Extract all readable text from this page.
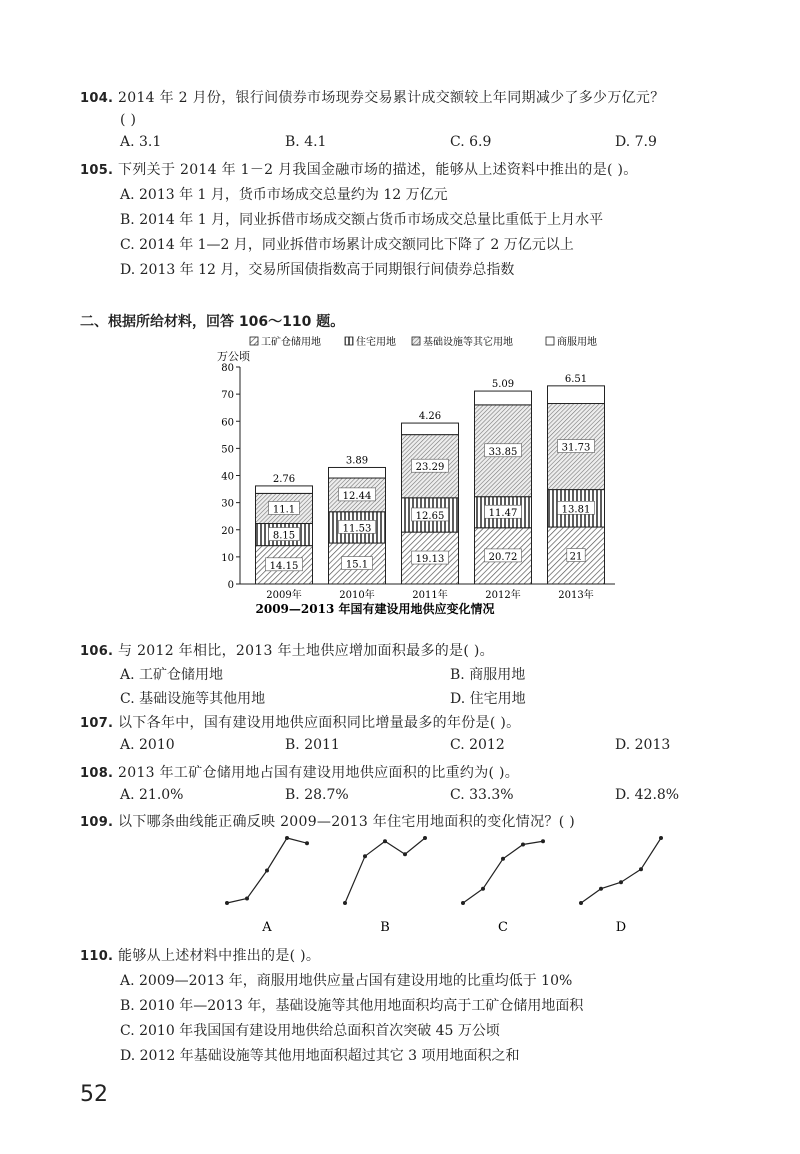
104. 2014 年 2 月份，银行间债券市场现券交易累计成交额较上年同期减少了多少万亿元？
( )
A. 3.1	B. 4.1	C. 6.9	D. 7.9
105. 下列关于 2014 年 1－2 月我国金融市场的描述，能够从上述资料中推出的是( )。
A. 2013 年 1 月，货币市场成交总量约为 12 万亿元
B. 2014 年 1 月，同业拆借市场成交额占货币市场成交总量比重低于上月水平
C. 2014 年 1—2 月，同业拆借市场累计成交额同比下降了 2 万亿元以上
D. 2013 年 12 月，交易所国债指数高于同期银行间债券总指数
二、根据所给材料，回答 106～110 题。
工矿仓储用地	住宅用地	基础设施等其它用地	商服用地
万公顷
0
10
20
30
40
50
60
70
80
14.15
8.15
11.1
2.76
2009年
15.1
11.53
12.44
3.89
2010年
19.13
12.65
23.29
4.26
2011年
20.72
11.47
33.85
5.09
2012年
21
13.81
31.73
6.51
2013年
2009—2013 年国有建设用地供应变化情况
106. 与 2012 年相比，2013 年土地供应增加面积最多的是( )。
A. 工矿仓储用地	B. 商服用地
C. 基础设施等其他用地	D. 住宅用地
107. 以下各年中，国有建设用地供应面积同比增量最多的年份是( )。
A. 2010	B. 2011	C. 2012	D. 2013
108. 2013 年工矿仓储用地占国有建设用地供应面积的比重约为( )。
A. 21.0%	B. 28.7%	C. 33.3%	D. 42.8%
109. 以下哪条曲线能正确反映 2009—2013 年住宅用地面积的变化情况？( )
A	B	C	D
110. 能够从上述材料中推出的是( )。
A. 2009—2013 年，商服用地供应量占国有建设用地的比重均低于 10%
B. 2010 年—2013 年，基础设施等其他用地面积均高于工矿仓储用地面积
C. 2010 年我国国有建设用地供给总面积首次突破 45 万公顷
D. 2012 年基础设施等其他用地面积超过其它 3 项用地面积之和
52
